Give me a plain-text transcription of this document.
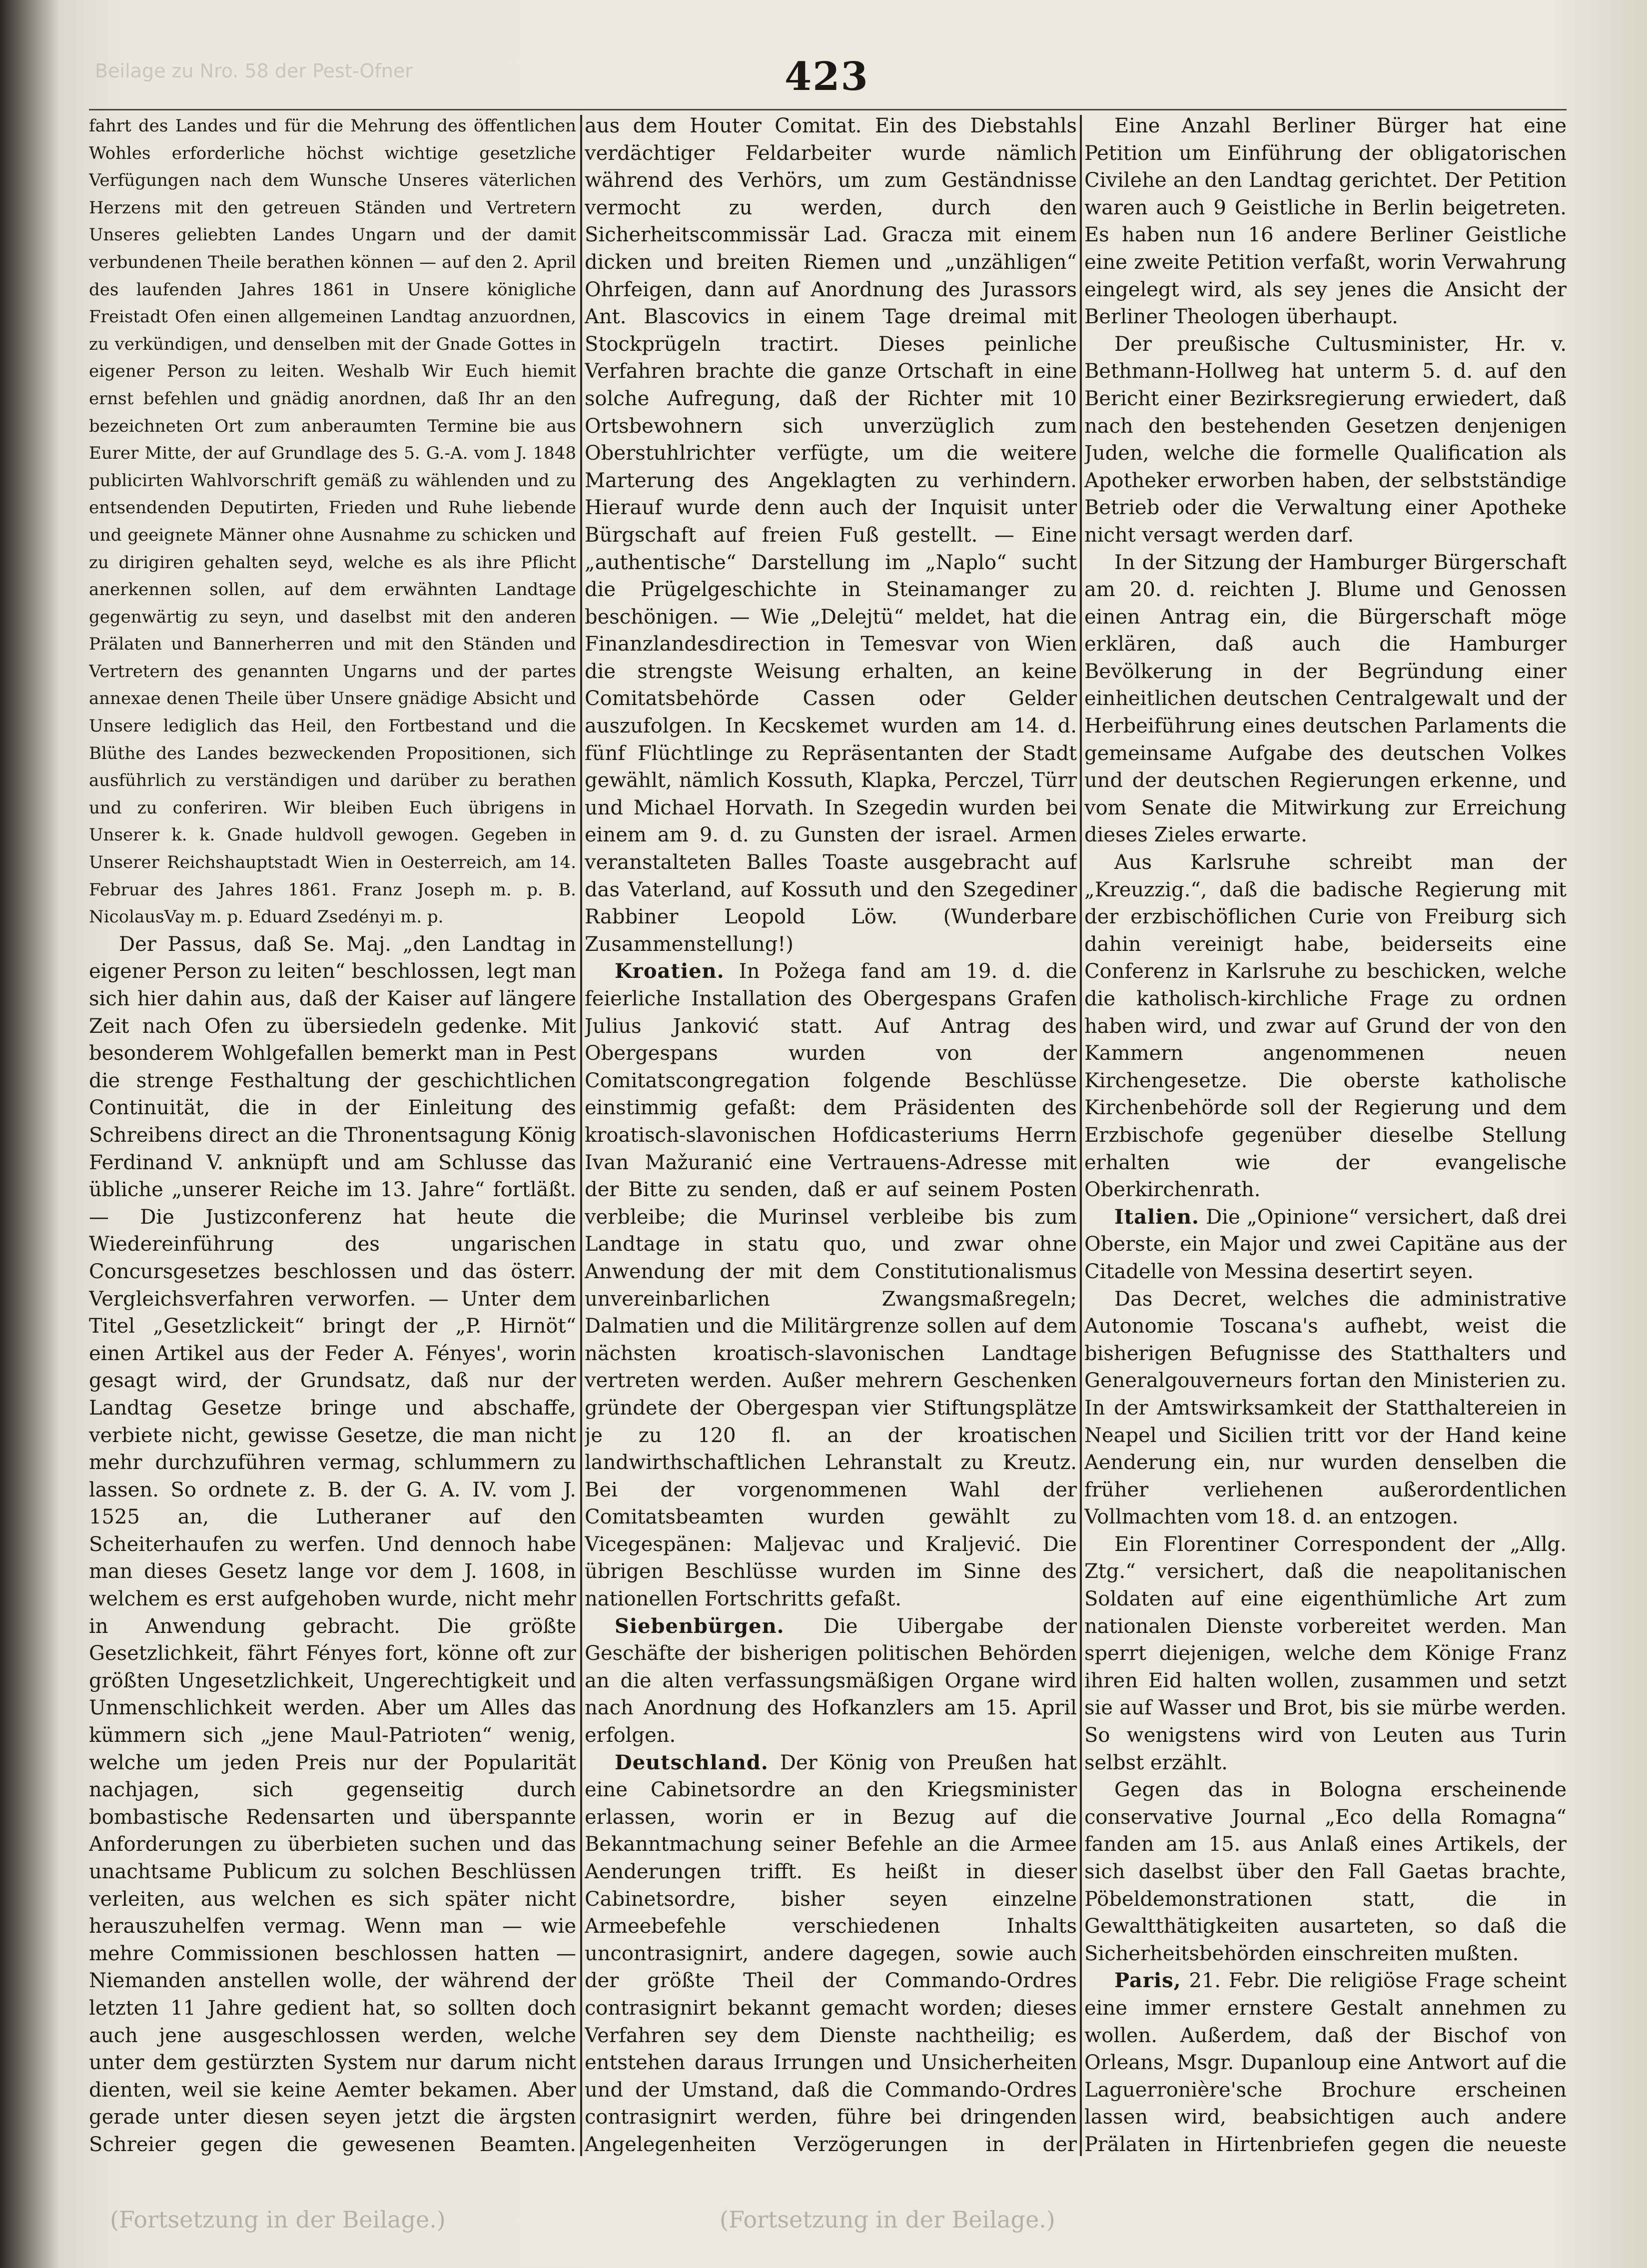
Beilage zu Nro. 58 der Pest-Ofner	423

fahrt des Landes und für die Mehrung des öffentlichen Wohles erforderliche höchst wichtige gesetzliche Verfügungen nach dem Wunsche Unseres väterlichen Herzens mit den getreuen Ständen und Vertretern Unseres geliebten Landes Ungarn und der damit verbundenen Theile berathen können — auf den 2. April des laufenden Jahres 1861 in Unsere königliche Freistadt Ofen einen allgemeinen Landtag anzuordnen, zu verkündigen, und denselben mit der Gnade Gottes in eigener Person zu leiten. Weshalb Wir Euch hiemit ernst befehlen und gnädig anordnen, daß Ihr an den bezeichneten Ort zum anberaumten Termine bie aus Eurer Mitte, der auf Grundlage des 5. G.-A. vom J. 1848 publicirten Wahlvorschrift gemäß zu wählenden und zu entsendenden Deputirten, Frieden und Ruhe liebende und geeignete Männer ohne Ausnahme zu schicken und zu dirigiren gehalten seyd, welche es als ihre Pflicht anerkennen sollen, auf dem erwähnten Landtage gegenwärtig zu seyn, und daselbst mit den anderen Prälaten und Bannerherren und mit den Ständen und Vertretern des genannten Ungarns und der partes annexae denen Theile über Unsere gnädige Absicht und Unsere lediglich das Heil, den Fortbestand und die Blüthe des Landes bezweckenden Propositionen, sich ausführlich zu verständigen und darüber zu berathen und zu conferiren. Wir bleiben Euch übrigens in Unserer k. k. Gnade huldvoll gewogen. Gegeben in Unserer Reichshauptstadt Wien in Oesterreich, am 14. Februar des Jahres 1861. Franz Joseph m. p. B. NicolausVay m. p. Eduard Zsedényi m. p.

Der Passus, daß Se. Maj. „den Landtag in eigener Person zu leiten“ beschlossen, legt man sich hier dahin aus, daß der Kaiser auf längere Zeit nach Ofen zu übersiedeln gedenke. Mit besonderem Wohlgefallen bemerkt man in Pest die strenge Festhaltung der geschichtlichen Continuität, die in der Einleitung des Schreibens direct an die Thronentsagung König Ferdinand V. anknüpft und am Schlusse das übliche „unserer Reiche im 13. Jahre“ fortläßt. — Die Justizconferenz hat heute die Wiedereinführung des ungarischen Concursgesetzes beschlossen und das österr. Vergleichsverfahren verworfen. — Unter dem Titel „Gesetzlickeit“ bringt der „P. Hirnöt“ einen Artikel aus der Feder A. Fényes', worin gesagt wird, der Grundsatz, daß nur der Landtag Gesetze bringe und abschaffe, verbiete nicht, gewisse Gesetze, die man nicht mehr durchzuführen vermag, schlummern zu lassen. So ordnete z. B. der G. A. IV. vom J. 1525 an, die Lutheraner auf den Scheiterhaufen zu werfen. Und dennoch habe man dieses Gesetz lange vor dem J. 1608, in welchem es erst aufgehoben wurde, nicht mehr in Anwendung gebracht. Die größte Gesetzlichkeit, fährt Fényes fort, könne oft zur größten Ungesetzlichkeit, Ungerechtigkeit und Unmenschlichkeit werden. Aber um Alles das kümmern sich „jene Maul-Patrioten“ wenig, welche um jeden Preis nur der Popularität nachjagen, sich gegenseitig durch bombastische Redensarten und überspannte Anforderungen zu überbieten suchen und das unachtsame Publicum zu solchen Beschlüssen verleiten, aus welchen es sich später nicht herauszuhelfen vermag. Wenn man — wie mehre Commissionen beschlossen hatten — Niemanden anstellen wolle, der während der letzten 11 Jahre gedient hat, so sollten doch auch jene ausgeschlossen werden, welche unter dem gestürzten System nur darum nicht dienten, weil sie keine Aemter bekamen. Aber gerade unter diesen seyen jetzt die ärgsten Schreier gegen die gewesenen Beamten.

aus dem Houter Comitat. Ein des Diebstahls verdächtiger Feldarbeiter wurde nämlich während des Verhörs, um zum Geständnisse vermocht zu werden, durch den Sicherheitscommissär Lad. Gracza mit einem dicken und breiten Riemen und „unzähligen“ Ohrfeigen, dann auf Anordnung des Jurassors Ant. Blascovics in einem Tage dreimal mit Stockprügeln tractirt. Dieses peinliche Verfahren brachte die ganze Ortschaft in eine solche Aufregung, daß der Richter mit 10 Ortsbewohnern sich unverzüglich zum Oberstuhlrichter verfügte, um die weitere Marterung des Angeklagten zu verhindern. Hierauf wurde denn auch der Inquisit unter Bürgschaft auf freien Fuß gestellt. — Eine „authentische“ Darstellung im „Naplo“ sucht die Prügelgeschichte in Steinamanger zu beschönigen. — Wie „Delejtü“ meldet, hat die Finanzlandesdirection in Temesvar von Wien die strengste Weisung erhalten, an keine Comitatsbehörde Cassen oder Gelder auszufolgen. In Kecskemet wurden am 14. d. fünf Flüchtlinge zu Repräsentanten der Stadt gewählt, nämlich Kossuth, Klapka, Perczel, Türr und Michael Horvath. In Szegedin wurden bei einem am 9. d. zu Gunsten der israel. Armen veranstalteten Balles Toaste ausgebracht auf das Vaterland, auf Kossuth und den Szegediner Rabbiner Leopold Löw. (Wunderbare Zusammenstellung!)

Kroatien. In Požega fand am 19. d. die feierliche Installation des Obergespans Grafen Julius Janković statt. Auf Antrag des Obergespans wurden von der Comitatscongregation folgende Beschlüsse einstimmig gefaßt: dem Präsidenten des kroatisch-slavonischen Hofdicasteriums Herrn Ivan Mažuranić eine Vertrauens-Adresse mit der Bitte zu senden, daß er auf seinem Posten verbleibe; die Murinsel verbleibe bis zum Landtage in statu quo, und zwar ohne Anwendung der mit dem Constitutionalismus unvereinbarlichen Zwangsmaßregeln; Dalmatien und die Militärgrenze sollen auf dem nächsten kroatisch-slavonischen Landtage vertreten werden. Außer mehrern Geschenken gründete der Obergespan vier Stiftungsplätze je zu 120 fl. an der kroatischen landwirthschaftlichen Lehranstalt zu Kreutz. Bei der vorgenommenen Wahl der Comitatsbeamten wurden gewählt zu Vicegespänen: Maljevac und Kraljević. Die übrigen Beschlüsse wurden im Sinne des nationellen Fortschritts gefaßt.

Siebenbürgen. Die Uibergabe der Geschäfte der bisherigen politischen Behörden an die alten verfassungsmäßigen Organe wird nach Anordnung des Hofkanzlers am 15. April erfolgen.

Deutschland. Der König von Preußen hat eine Cabinetsordre an den Kriegsminister erlassen, worin er in Bezug auf die Bekanntmachung seiner Befehle an die Armee Aenderungen trifft. Es heißt in dieser Cabinetsordre, bisher seyen einzelne Armeebefehle verschiedenen Inhalts uncontrasignirt, andere dagegen, sowie auch der größte Theil der Commando-Ordres contrasignirt bekannt gemacht worden; dieses Verfahren sey dem Dienste nachtheilig; es entstehen daraus Irrungen und Unsicherheiten und der Umstand, daß die Commando-Ordres contrasignirt werden, führe bei dringenden Angelegenheiten Verzögerungen in der

Eine Anzahl Berliner Bürger hat eine Petition um Einführung der obligatorischen Civilehe an den Landtag gerichtet. Der Petition waren auch 9 Geistliche in Berlin beigetreten. Es haben nun 16 andere Berliner Geistliche eine zweite Petition verfaßt, worin Verwahrung eingelegt wird, als sey jenes die Ansicht der Berliner Theologen überhaupt.

Der preußische Cultusminister, Hr. v. Bethmann-Hollweg hat unterm 5. d. auf den Bericht einer Bezirksregierung erwiedert, daß nach den bestehenden Gesetzen denjenigen Juden, welche die formelle Qualification als Apotheker erworben haben, der selbstständige Betrieb oder die Verwaltung einer Apotheke nicht versagt werden darf.

In der Sitzung der Hamburger Bürgerschaft am 20. d. reichten J. Blume und Genossen einen Antrag ein, die Bürgerschaft möge erklären, daß auch die Hamburger Bevölkerung in der Begründung einer einheitlichen deutschen Centralgewalt und der Herbeiführung eines deutschen Parlaments die gemeinsame Aufgabe des deutschen Volkes und der deutschen Regierungen erkenne, und vom Senate die Mitwirkung zur Erreichung dieses Zieles erwarte.

Aus Karlsruhe schreibt man der „Kreuzzig.“, daß die badische Regierung mit der erzbischöflichen Curie von Freiburg sich dahin vereinigt habe, beiderseits eine Conferenz in Karlsruhe zu beschicken, welche die katholisch-kirchliche Frage zu ordnen haben wird, und zwar auf Grund der von den Kammern angenommenen neuen Kirchengesetze. Die oberste katholische Kirchenbehörde soll der Regierung und dem Erzbischofe gegenüber dieselbe Stellung erhalten wie der evangelische Oberkirchenrath.

Italien. Die „Opinione“ versichert, daß drei Oberste, ein Major und zwei Capitäne aus der Citadelle von Messina desertirt seyen.

Das Decret, welches die administrative Autonomie Toscana's aufhebt, weist die bisherigen Befugnisse des Statthalters und Generalgouverneurs fortan den Ministerien zu. In der Amtswirksamkeit der Statthaltereien in Neapel und Sicilien tritt vor der Hand keine Aenderung ein, nur wurden denselben die früher verliehenen außerordentlichen Vollmachten vom 18. d. an entzogen.

Ein Florentiner Correspondent der „Allg. Ztg.“ versichert, daß die neapolitanischen Soldaten auf eine eigenthümliche Art zum nationalen Dienste vorbereitet werden. Man sperrt diejenigen, welche dem Könige Franz ihren Eid halten wollen, zusammen und setzt sie auf Wasser und Brot, bis sie mürbe werden. So wenigstens wird von Leuten aus Turin selbst erzählt.

Gegen das in Bologna erscheinende conservative Journal „Eco della Romagna“ fanden am 15. aus Anlaß eines Artikels, der sich daselbst über den Fall Gaetas brachte, Pöbeldemonstrationen statt, die in Gewaltthätigkeiten ausarteten, so daß die Sicherheitsbehörden einschreiten mußten.

Paris, 21. Febr. Die religiöse Frage scheint eine immer ernstere Gestalt annehmen zu wollen. Außerdem, daß der Bischof von Orleans, Msgr. Dupanloup eine Antwort auf die Laguerronière'sche Brochure erscheinen lassen wird, beabsichtigen auch andere Prälaten in Hirtenbriefen gegen die neueste

(Fortsetzung in der Beilage.)	(Fortsetzung in der Beilage.)
